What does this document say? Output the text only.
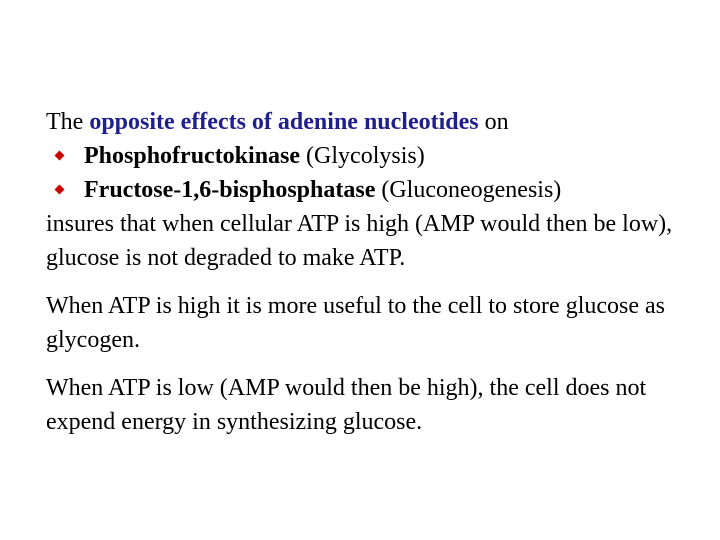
The opposite effects of adenine nucleotides on
Phosphofructokinase (Glycolysis)
Fructose-1,6-bisphosphatase (Gluconeogenesis)
insures that when cellular ATP is high (AMP would then be low), glucose is not degraded to make ATP.

When ATP is high it is more useful to the cell to store glucose as glycogen.

When ATP is low (AMP would then be high), the cell does not expend energy in synthesizing glucose.
